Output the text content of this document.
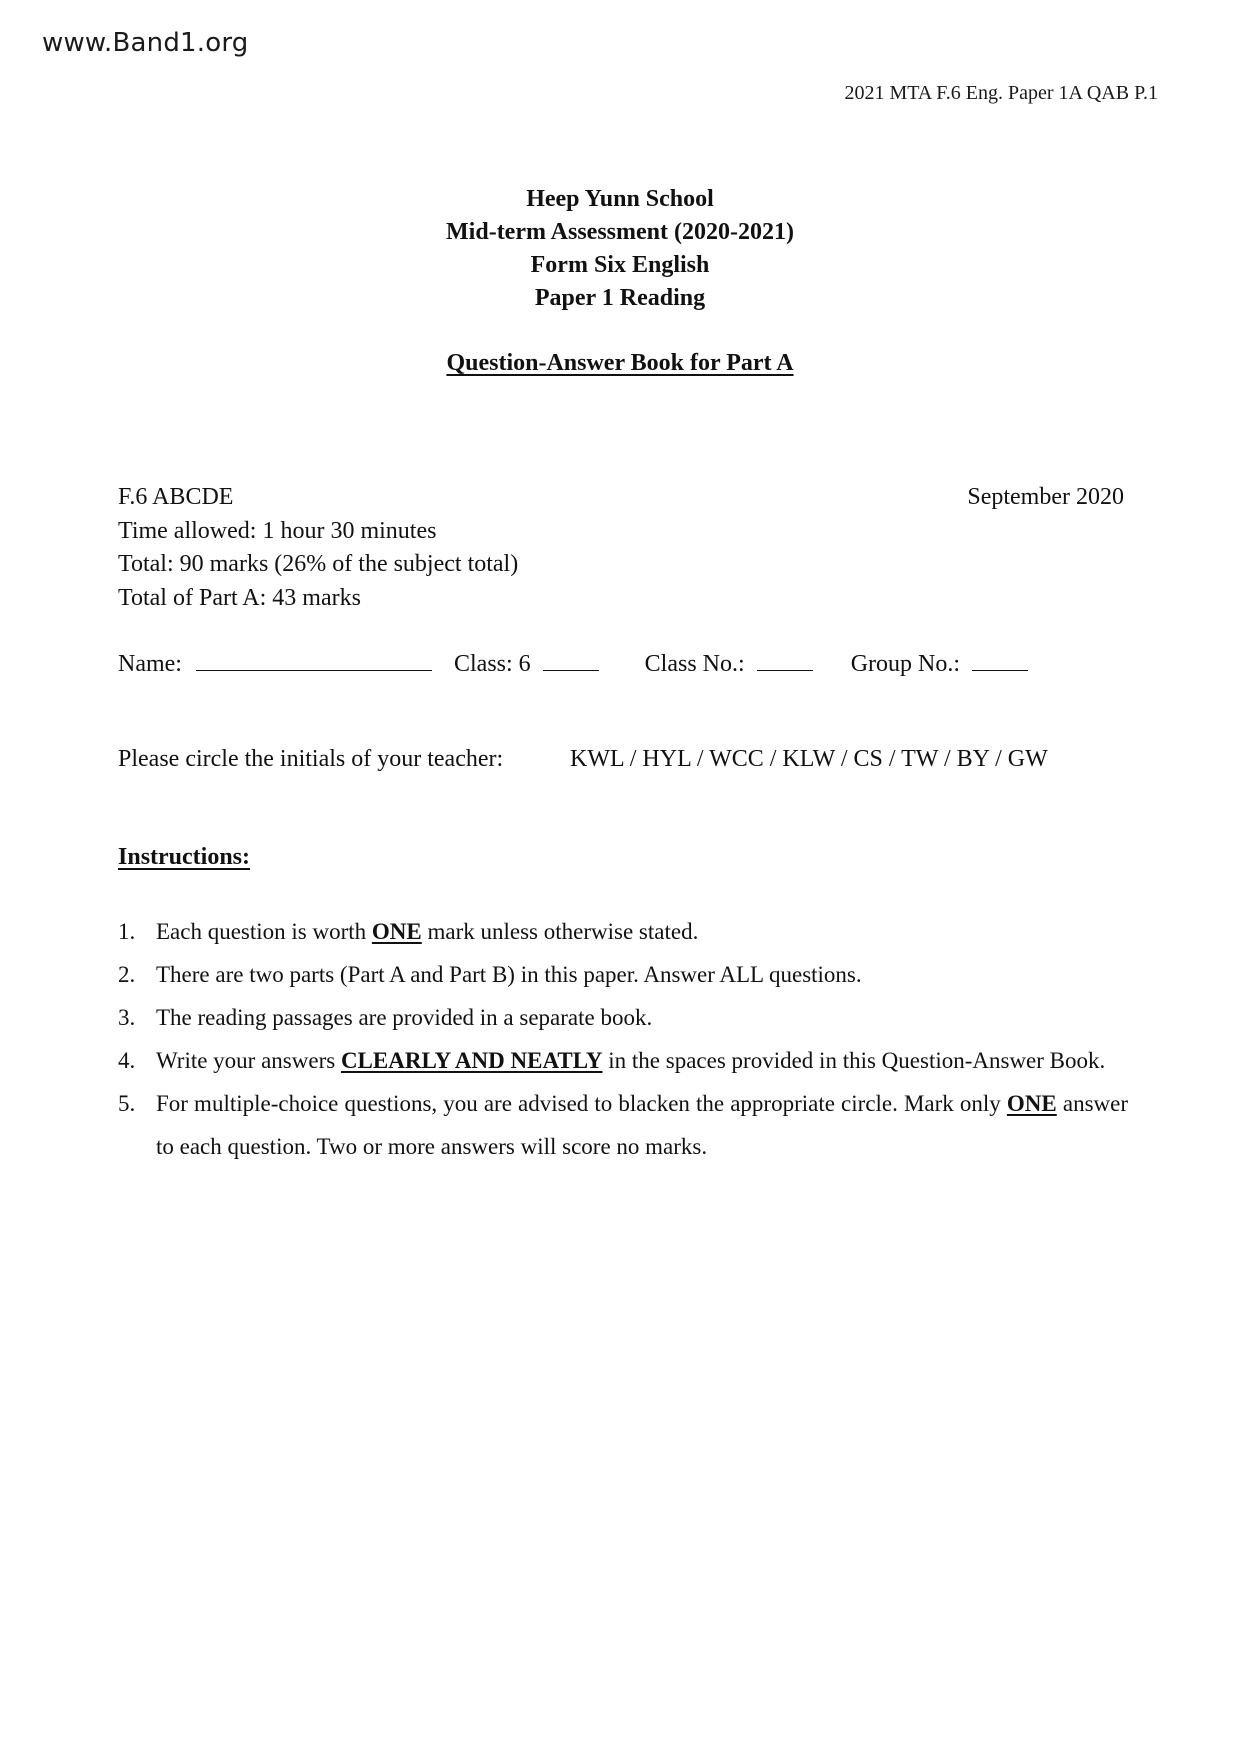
www.Band1.org
2021 MTA F.6 Eng. Paper 1A QAB P.1
Heep Yunn School
Mid-term Assessment (2020-2021)
Form Six English
Paper 1 Reading
Question-Answer Book for Part A
F.6 ABCDE	September 2020
Time allowed: 1 hour 30 minutes
Total: 90 marks (26% of the subject total)
Total of Part A: 43 marks
Name:	Class: 6	Class No.:	Group No.:
Please circle the initials of your teacher:	KWL / HYL / WCC / KLW / CS / TW / BY / GW
Instructions:
1. Each question is worth ONE mark unless otherwise stated.
2. There are two parts (Part A and Part B) in this paper. Answer ALL questions.
3. The reading passages are provided in a separate book.
4. Write your answers CLEARLY AND NEATLY in the spaces provided in this Question-Answer Book.
5. For multiple-choice questions, you are advised to blacken the appropriate circle. Mark only ONE answer to each question. Two or more answers will score no marks.
